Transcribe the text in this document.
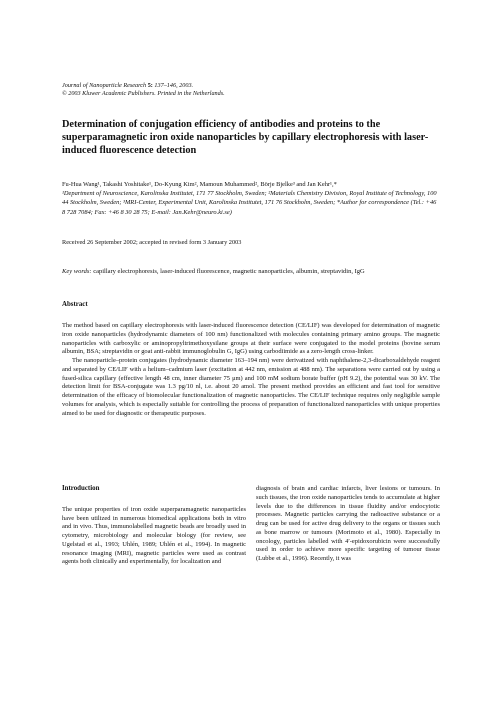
Journal of Nanoparticle Research 5: 137–146, 2003.
© 2003 Kluwer Academic Publishers. Printed in the Netherlands.
Determination of conjugation efficiency of antibodies and proteins to the superparamagnetic iron oxide nanoparticles by capillary electrophoresis with laser-induced fluorescence detection
Fu-Hua Wang¹, Takashi Yoshitake¹, Do-Kyung Kim², Mamoun Muhammed², Börje Bjelke³ and Jan Kehr¹,*
¹Department of Neuroscience, Karolinska Institutet, 171 77 Stockholm, Sweden; ²Materials Chemistry Division, Royal Institute of Technology, 100 44 Stockholm, Sweden; ³MRI-Center, Experimental Unit, Karolinska Institutet, 171 76 Stockholm, Sweden; *Author for correspondence (Tel.: +46 8 728 7084; Fax: +46 8 30 28 75; E-mail: Jan.Kehr@neuro.ki.se)
Received 26 September 2002; accepted in revised form 3 January 2003
Key words: capillary electrophoresis, laser-induced fluorescence, magnetic nanoparticles, albumin, streptavidin, IgG
Abstract

The method based on capillary electrophoresis with laser-induced fluorescence detection (CE/LIF) was developed for determination of magnetic iron oxide nanoparticles (hydrodynamic diameters of 100 nm) functionalized with molecules containing primary amino groups. The magnetic nanoparticles with carboxylic or aminopropyltrimethoxysilane groups at their surface were conjugated to the model proteins (bovine serum albumin, BSA; streptavidin or goat anti-rabbit immunoglobulin G, IgG) using carbodiimide as a zero-length cross-linker.

The nanoparticle–protein conjugates (hydrodynamic diameter 163–194 nm) were derivatized with naphthalene-2,3-dicarboxaldehyde reagent and separated by CE/LIF with a helium–cadmium laser (excitation at 442 nm, emission at 488 nm). The separations were carried out by using a fused-silica capillary (effective length 48 cm, inner diameter 75 μm) and 100 mM sodium borate buffer (pH 9.2), the potential was 30 kV. The detection limit for BSA-conjugate was 1.3 pg/10 nl, i.e. about 20 amol. The present method provides an efficient and fast tool for sensitive determination of the efficacy of biomolecular functionalization of magnetic nanoparticles. The CE/LIF technique requires only negligible sample volumes for analysis, which is especially suitable for controlling the process of preparation of functionalized nanoparticles with unique properties aimed to be used for diagnostic or therapeutic purposes.

Introduction

The unique properties of iron oxide superparamagnetic nanoparticles have been utilized in numerous biomedical applications both in vitro and in vivo. Thus, immunolabelled magnetic beads are broadly used in cytometry, microbiology and molecular biology (for review, see Ugelstad et al., 1993; Uhlén, 1989; Uhlén et al., 1994). In magnetic resonance imaging (MRI), magnetic particles were used as contrast agents both clinically and experimentally, for localization and

diagnosis of brain and cardiac infarcts, liver lesions or tumours. In such tissues, the iron oxide nanoparticles tends to accumulate at higher levels due to the differences in tissue fluidity and/or endocytotic processes. Magnetic particles carrying the radioactive substance or a drug can be used for active drug delivery to the organs or tissues such as bone marrow or tumours (Morimoto et al., 1980). Especially in oncology, particles labelled with 4′-epidoxorubicin were successfully used in order to achieve more specific targeting of tumour tissue (Lubbe et al., 1996). Recently, it was
